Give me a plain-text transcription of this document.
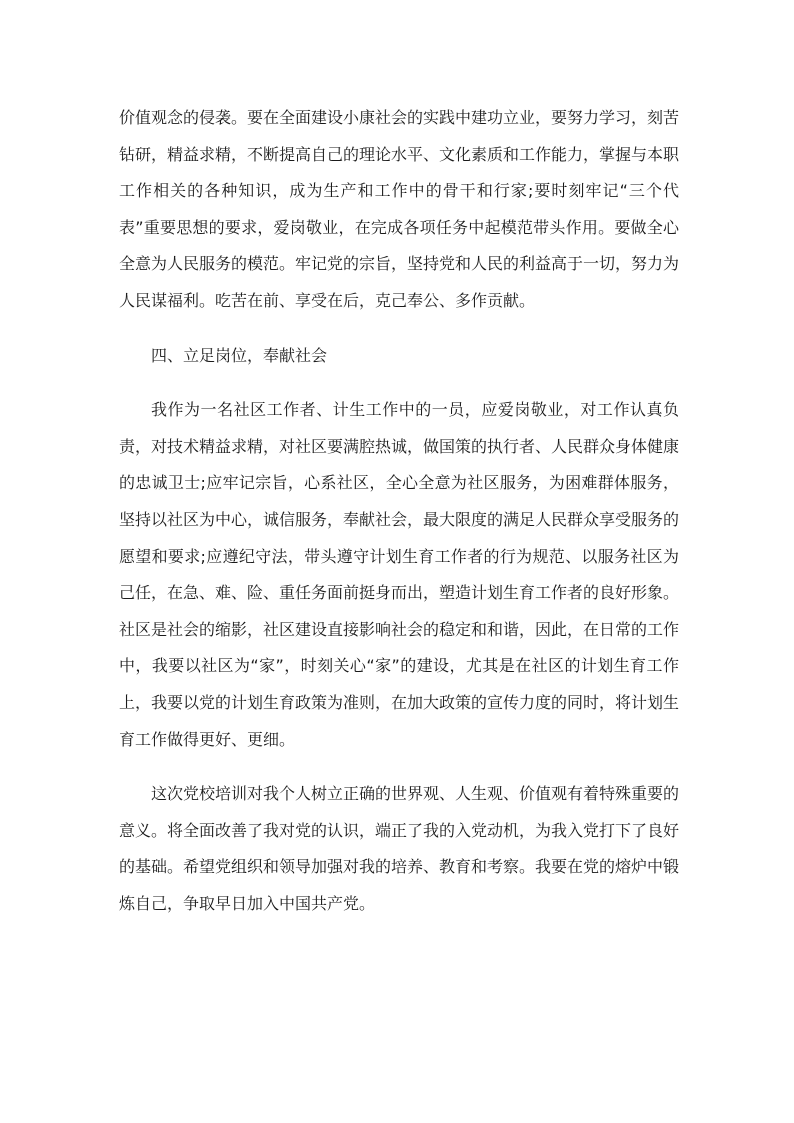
价值观念的侵袭。要在全面建设小康社会的实践中建功立业，要努力学习，刻苦钻研，精益求精，不断提高自己的理论水平、文化素质和工作能力，掌握与本职工作相关的各种知识，成为生产和工作中的骨干和行家;要时刻牢记“三个代表”重要思想的要求，爱岗敬业，在完成各项任务中起模范带头作用。要做全心全意为人民服务的模范。牢记党的宗旨，坚持党和人民的利益高于一切，努力为人民谋福利。吃苦在前、享受在后，克己奉公、多作贡献。

四、立足岗位，奉献社会

我作为一名社区工作者、计生工作中的一员，应爱岗敬业，对工作认真负责，对技术精益求精，对社区要满腔热诚，做国策的执行者、人民群众身体健康的忠诚卫士;应牢记宗旨，心系社区，全心全意为社区服务，为困难群体服务，坚持以社区为中心，诚信服务，奉献社会，最大限度的满足人民群众享受服务的愿望和要求;应遵纪守法，带头遵守计划生育工作者的行为规范、以服务社区为己任，在急、难、险、重任务面前挺身而出，塑造计划生育工作者的良好形象。社区是社会的缩影，社区建设直接影响社会的稳定和和谐，因此，在日常的工作中，我要以社区为“家”，时刻关心“家”的建设，尤其是在社区的计划生育工作上，我要以党的计划生育政策为准则，在加大政策的宣传力度的同时，将计划生育工作做得更好、更细。

这次党校培训对我个人树立正确的世界观、人生观、价值观有着特殊重要的意义。将全面改善了我对党的认识，端正了我的入党动机，为我入党打下了良好的基础。希望党组织和领导加强对我的培养、教育和考察。我要在党的熔炉中锻炼自己，争取早日加入中国共产党。
